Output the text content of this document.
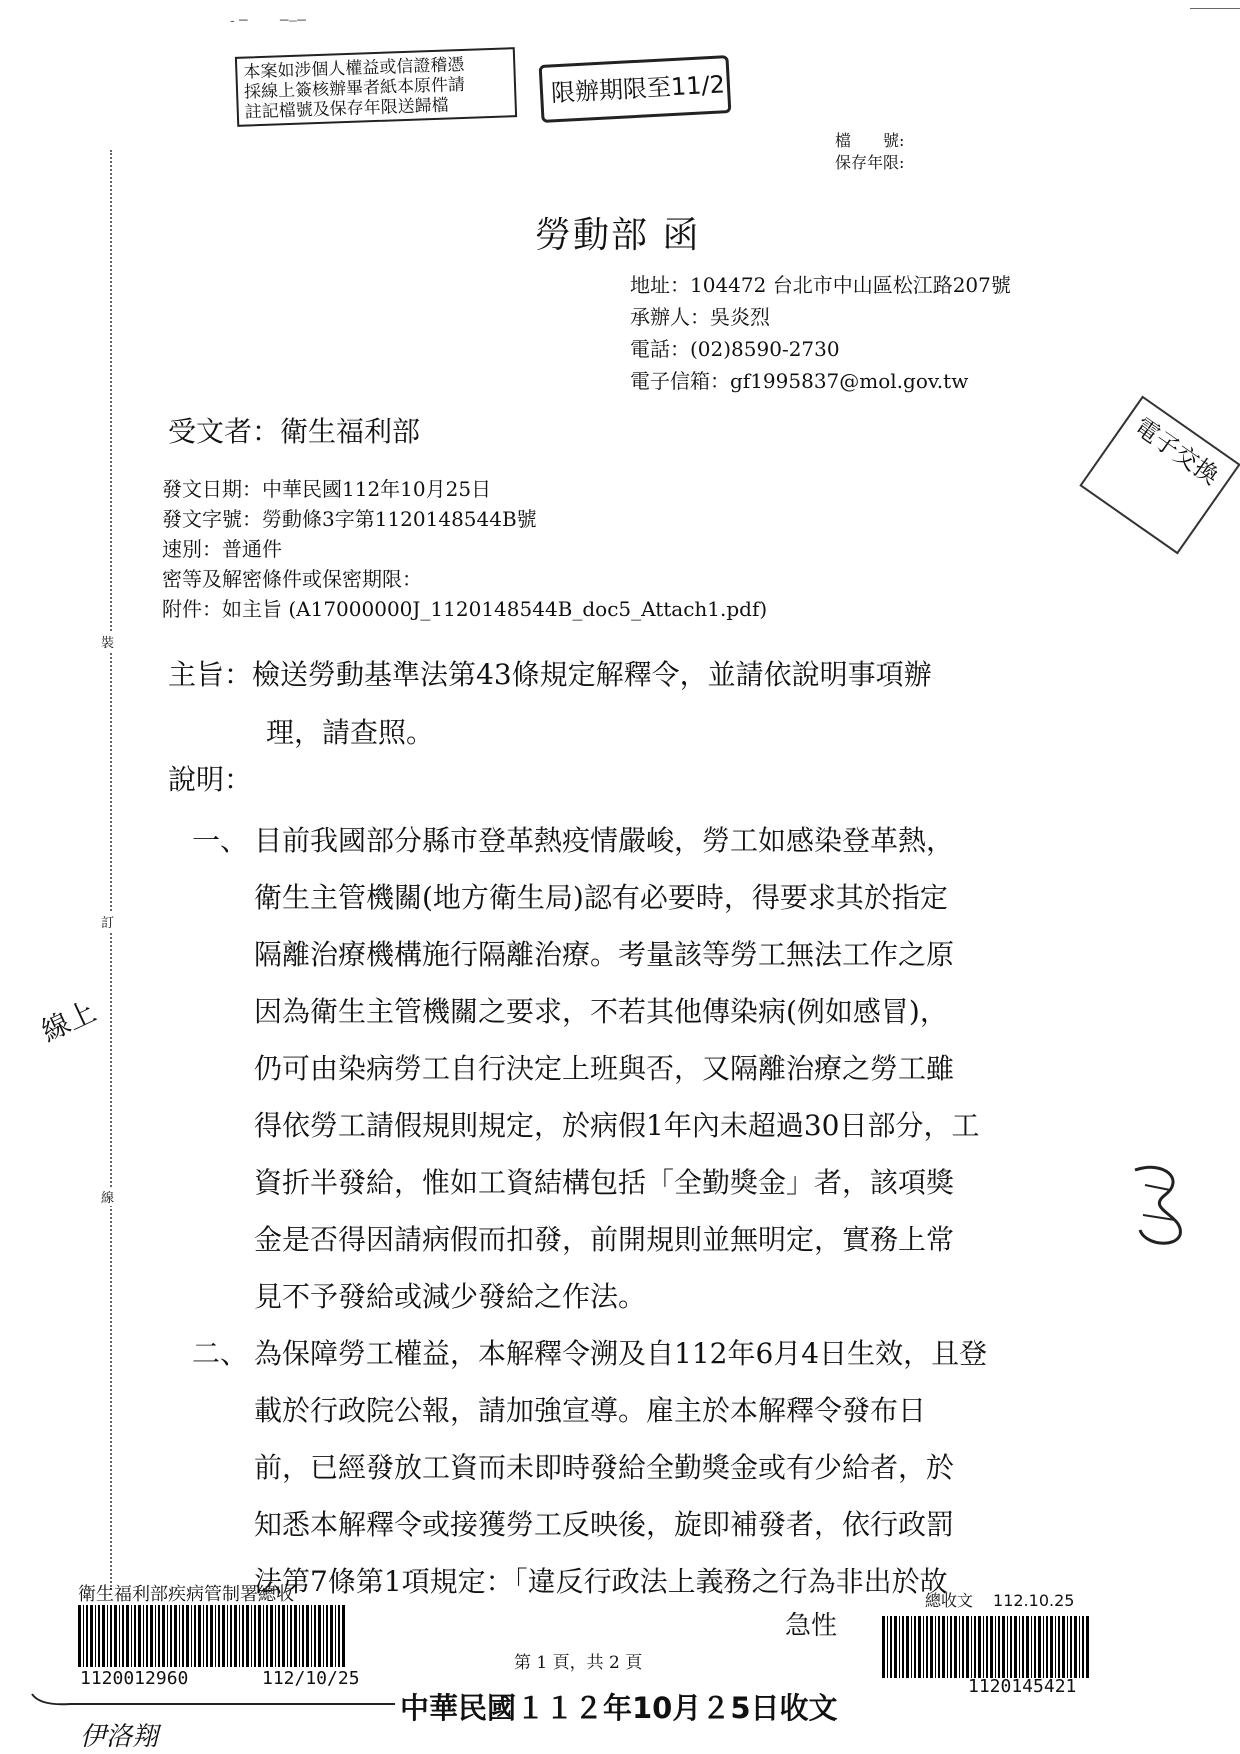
‐ ─　　 ─‒─
本案如涉個人權益或信證稽憑
採線上簽核辦畢者紙本原件請
註記檔號及保存年限送歸檔
限辦期限至11/2
檔　　號:
保存年限:
勞動部 函
地址：104472 台北市中山區松江路207號
承辦人：吳炎烈
電話：(02)8590-2730
電子信箱：gf1995837@mol.gov.tw
受文者：衛生福利部
發文日期：中華民國112年10月25日
發文字號：勞動條3字第1120148544B號
速別：普通件
密等及解密條件或保密期限：
附件：如主旨 (A17000000J_1120148544B_doc5_Attach1.pdf)
主旨：檢送勞動基準法第43條規定解釋令，並請依說明事項辦
理，請查照。
說明：
一、 目前我國部分縣市登革熱疫情嚴峻，勞工如感染登革熱，
衛生主管機關(地方衛生局)認有必要時，得要求其於指定
隔離治療機構施行隔離治療。考量該等勞工無法工作之原
因為衛生主管機關之要求，不若其他傳染病(例如感冒)，
仍可由染病勞工自行決定上班與否，又隔離治療之勞工雖
得依勞工請假規則規定，於病假1年內未超過30日部分，工
資折半發給，惟如工資結構包括「全勤獎金」者，該項獎
金是否得因請病假而扣發，前開規則並無明定，實務上常
見不予發給或減少發給之作法。
二、 為保障勞工權益，本解釋令溯及自112年6月4日生效，且登
載於行政院公報，請加強宣導。雇主於本解釋令發布日
前，已經發放工資而未即時發給全勤獎金或有少給者，於
知悉本解釋令或接獲勞工反映後，旋即補發者，依行政罰
法第7條第1項規定：「違反行政法上義務之行為非出於故
裝
訂
線
線上
電子交換
衛生福利部疾病管制署總收
1120012960	112/10/25
急性
總收文 112.10.25
1120145421
第 1 頁，共 2 頁
中華民國１１２年10月２5日收文
伊洛翔
